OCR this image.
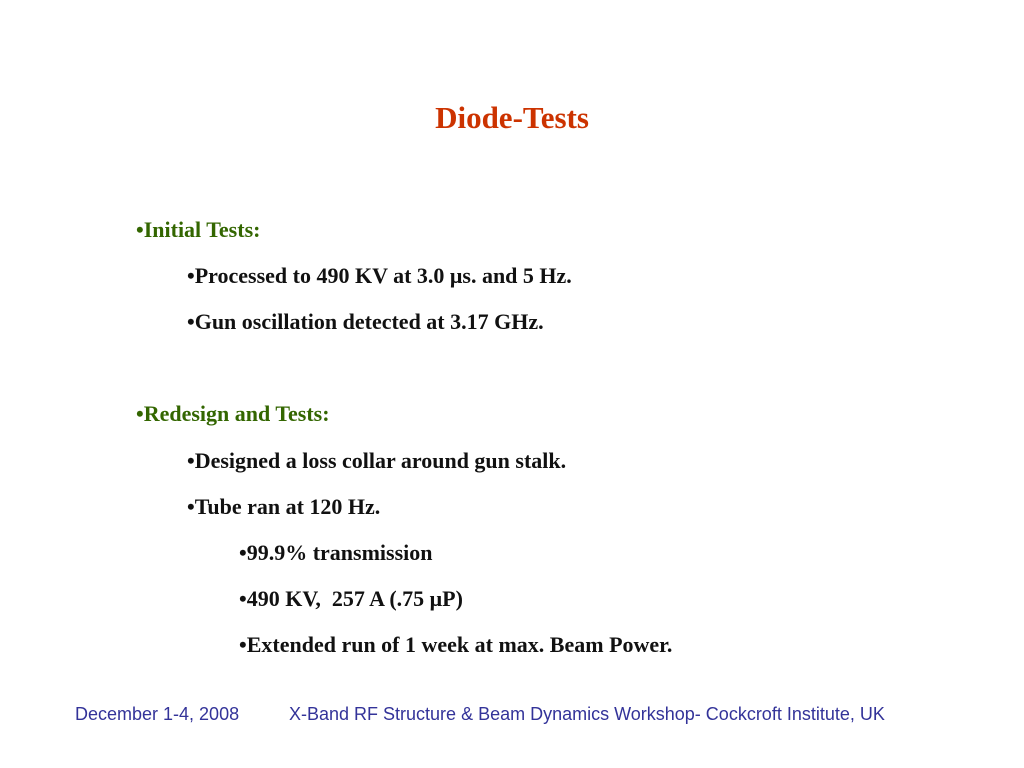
Diode-Tests
•Initial Tests:
•Processed to 490 KV at 3.0 μs. and 5 Hz.
•Gun oscillation detected at 3.17 GHz.
•Redesign and Tests:
•Designed a loss collar around gun stalk.
•Tube ran at 120 Hz.
•99.9% transmission
•490 KV,  257 A (.75 μP)
•Extended run of 1 week at max. Beam Power.
December 1-4, 2008	X-Band RF Structure & Beam Dynamics Workshop- Cockcroft Institute, UK
